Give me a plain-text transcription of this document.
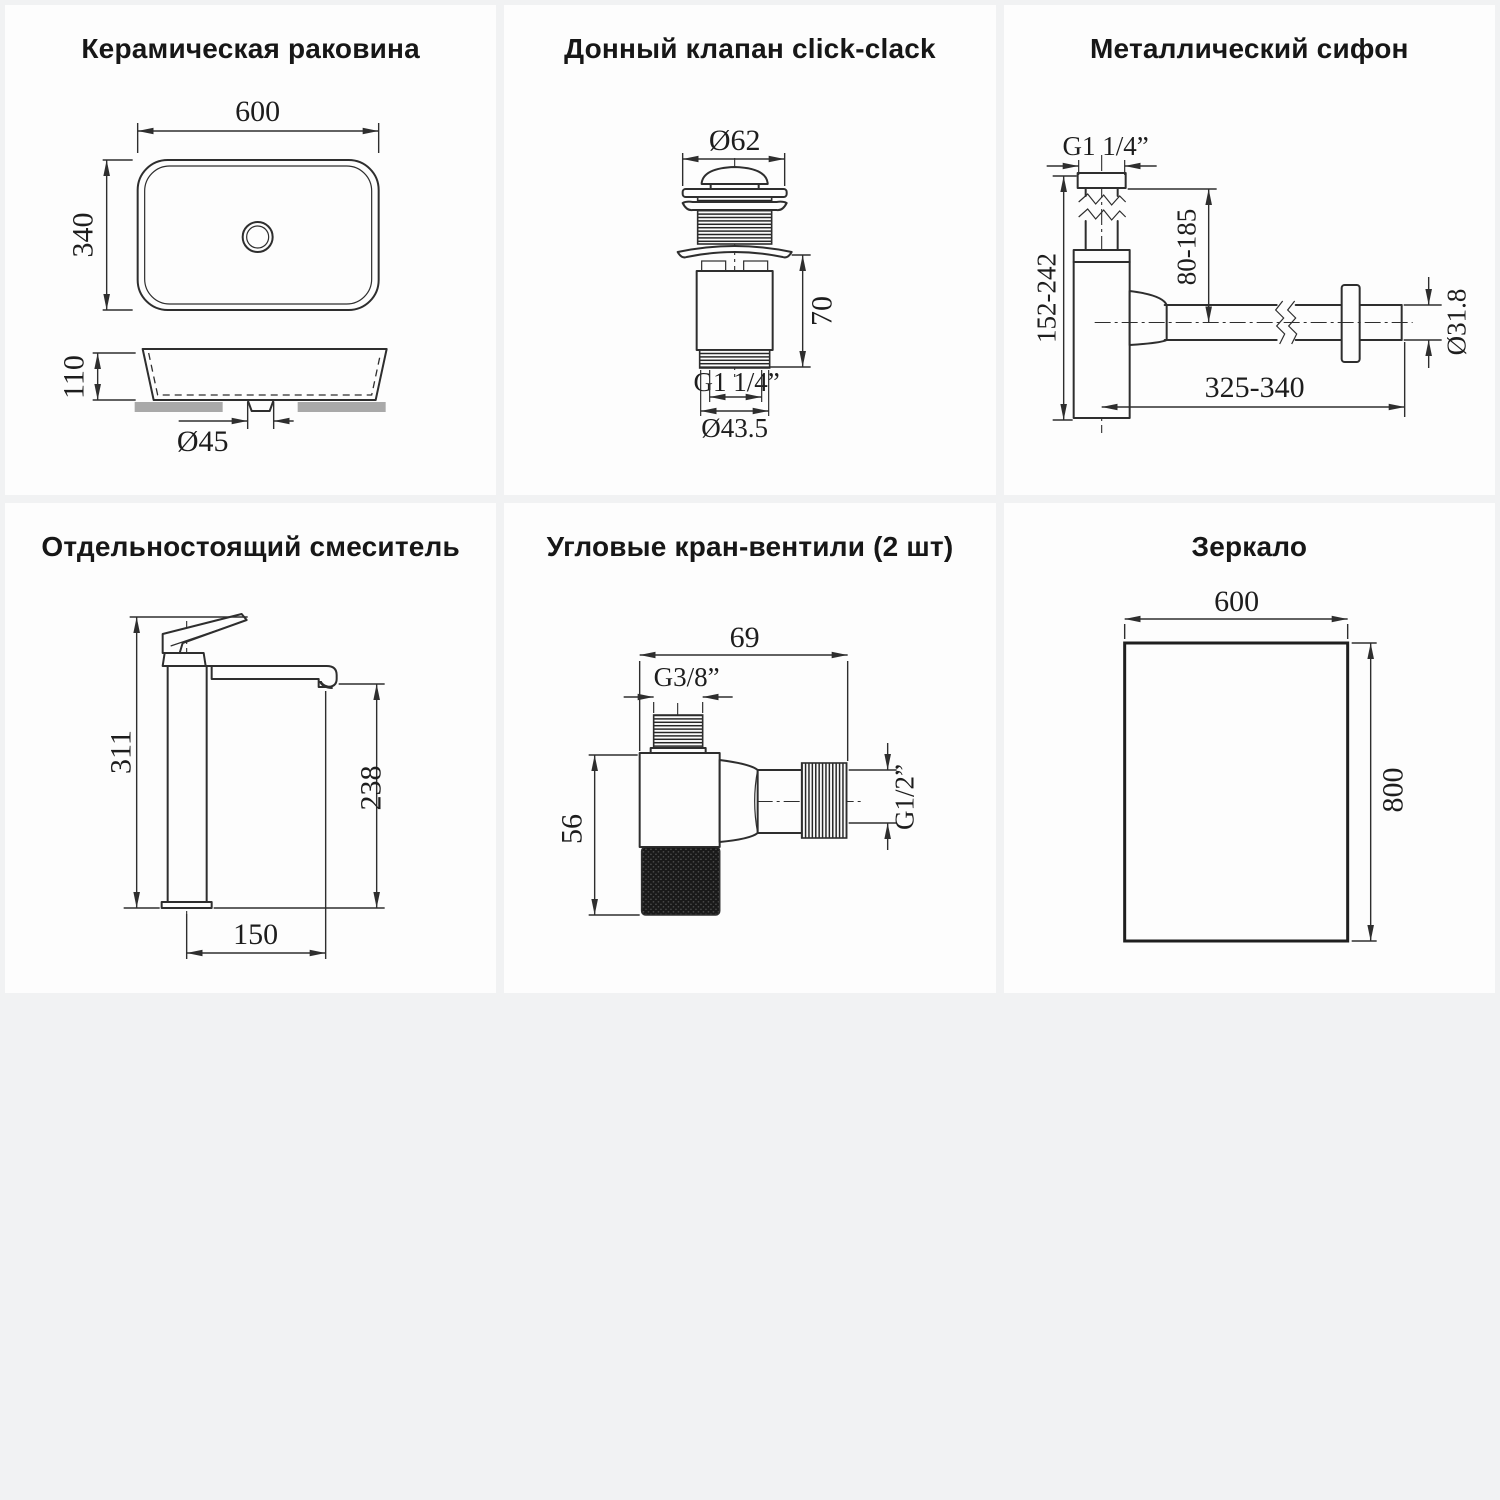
Керамическая раковина
600
340
110
Ø45
Донный клапан click-clack
Ø62
70
G1 1/4”
Ø43.5
Металлический сифон
G1 1/4”
152-242
80-185
Ø31.8
325-340
Отдельностоящий смеситель
311
238
150
Угловые кран-вентили (2 шт)
69
G3/8”
56	G1/2”
Зеркало
600
800
